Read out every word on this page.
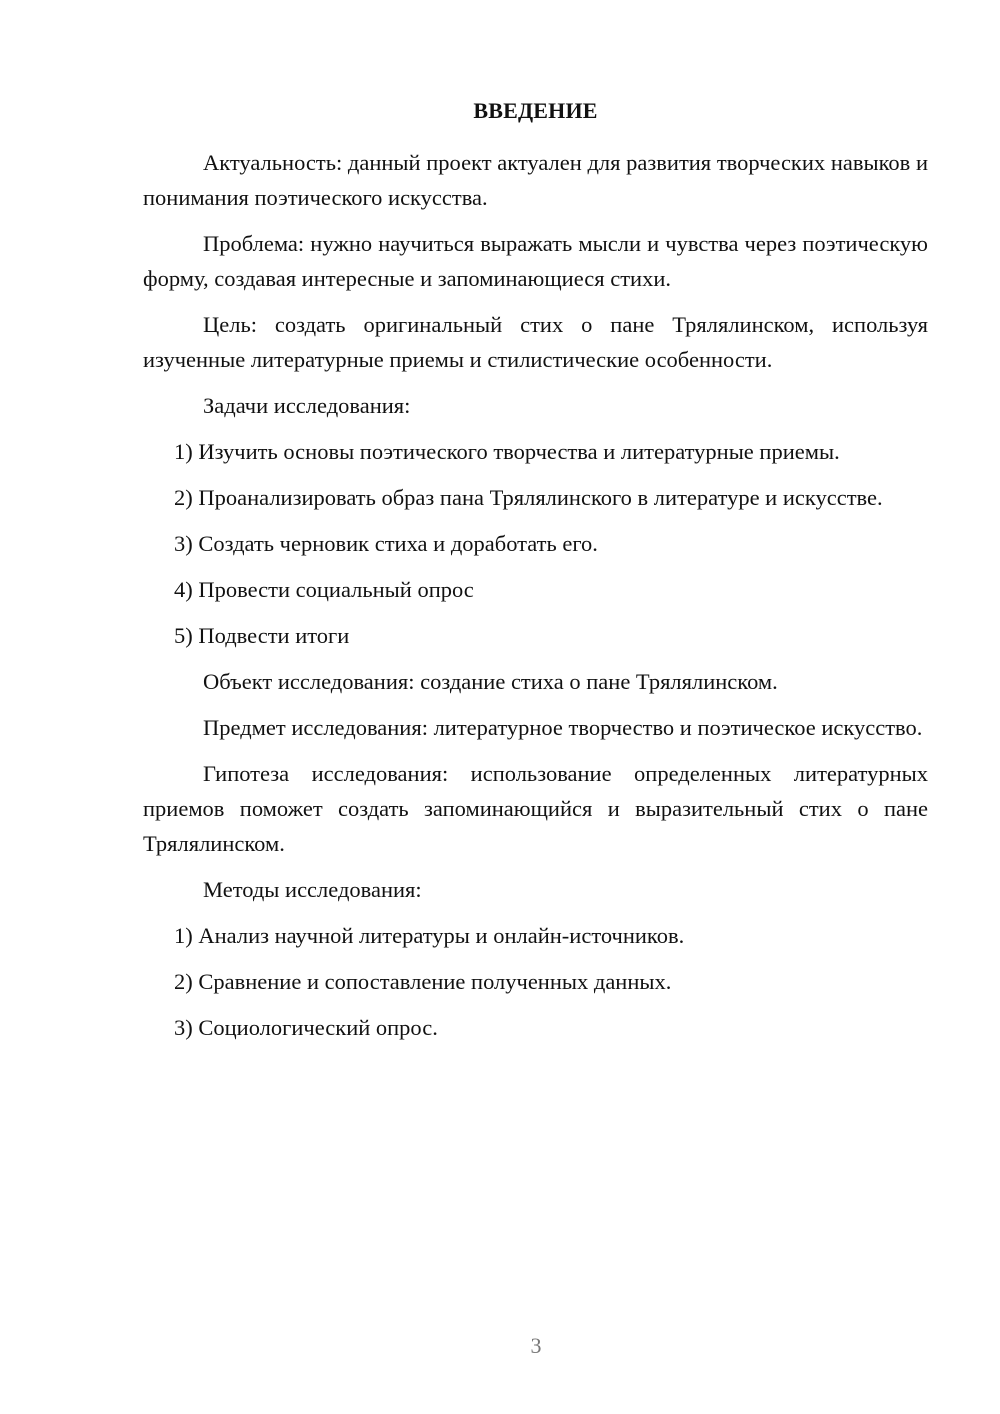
ВВЕДЕНИЕ

Актуальность: данный проект актуален для развития творческих навыков и понимания поэтического искусства.

Проблема: нужно научиться выражать мысли и чувства через поэтическую форму, создавая интересные и запоминающиеся стихи.

Цель: создать оригинальный стих о пане Трялялинском, используя изученные литературные приемы и стилистические особенности.

Задачи исследования:

1) Изучить основы поэтического творчества и литературные приемы.

2) Проанализировать образ пана Трялялинского в литературе и искусстве.

3) Создать черновик стиха и доработать его.

4) Провести социальный опрос

5) Подвести итоги

Объект исследования: создание стиха о пане Трялялинском.

Предмет исследования: литературное творчество и поэтическое искусство.

Гипотеза исследования: использование определенных литературных приемов поможет создать запоминающийся и выразительный стих о пане Трялялинском.

Методы исследования:

1) Анализ научной литературы и онлайн-источников.

2) Сравнение и сопоставление полученных данных.

3) Социологический опрос.

3
